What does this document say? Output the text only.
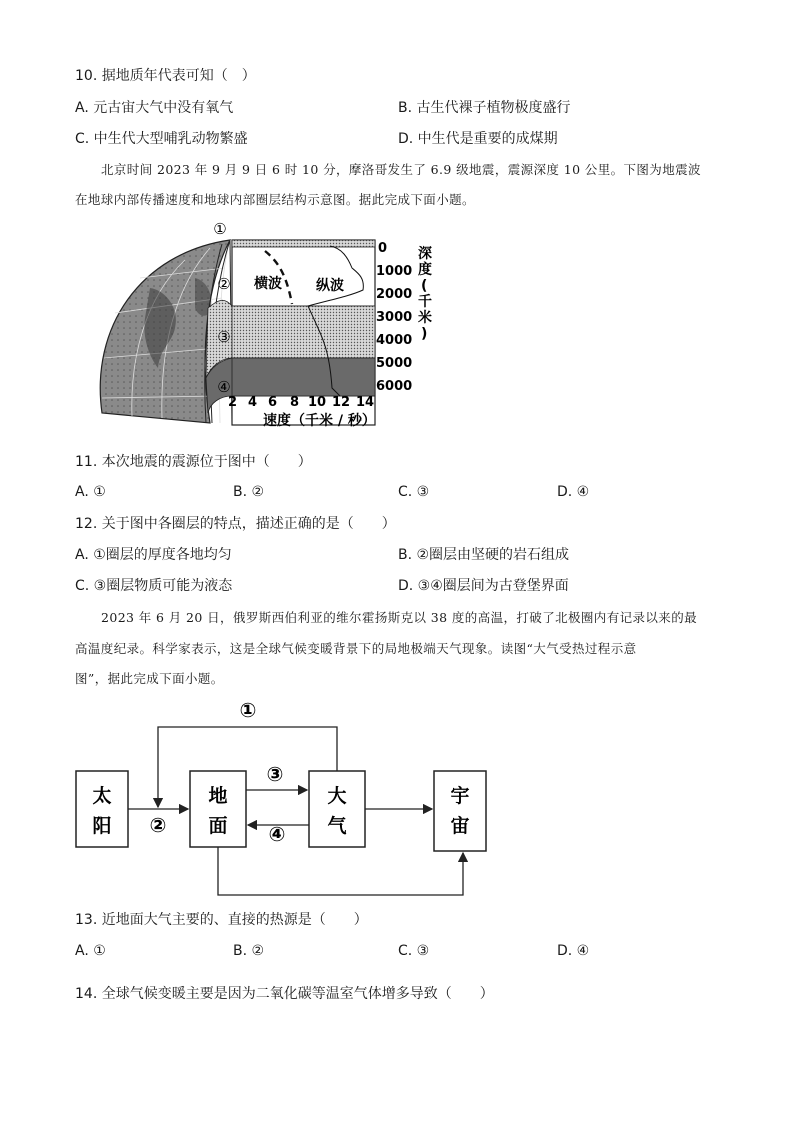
10. 据地质年代表可知（　）
A. 元古宙大气中没有氧气	B. 古生代裸子植物极度盛行
C. 中生代大型哺乳动物繁盛	D. 中生代是重要的成煤期
北京时间 2023 年 9 月 9 日 6 时 10 分，摩洛哥发生了 6.9 级地震，震源深度 10 公里。下图为地震波
在地球内部传播速度和地球内部圈层结构示意图。据此完成下面小题。
①
②
③
④
横波 纵波
0
1000
2000
3000
4000
5000
6000
深
度
(
千
米
)
2 4 6 8 10 12 14
速度（千米 / 秒）
11. 本次地震的震源位于图中（　　）
A. ①	B. ②	C. ③	D. ④
12. 关于图中各圈层的特点，描述正确的是（　　）
A. ①圈层的厚度各地均匀	B. ②圈层由坚硬的岩石组成
C. ③圈层物质可能为液态	D. ③④圈层间为古登堡界面
2023 年 6 月 20 日，俄罗斯西伯利亚的维尔霍扬斯克以 38 度的高温，打破了北极圈内有记录以来的最
高温度纪录。科学家表示，这是全球气候变暖背景下的局地极端天气现象。读图“大气受热过程示意
图”，据此完成下面小题。
太
阳
地
面
大
气
宇
宙
①
②
③
④
13. 近地面大气主要的、直接的热源是（　　）
A. ①	B. ②	C. ③	D. ④
14. 全球气候变暖主要是因为二氧化碳等温室气体增多导致（　　）
